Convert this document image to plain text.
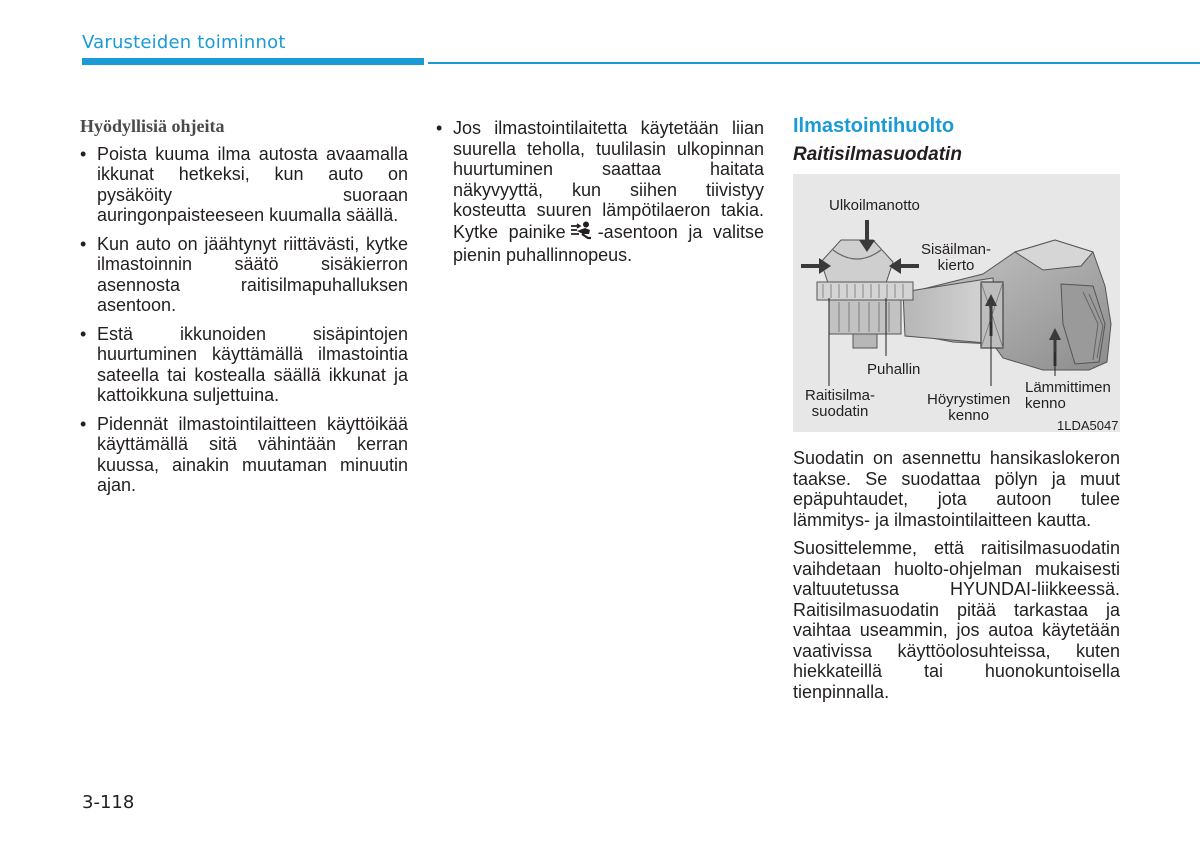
Varusteiden toiminnot
Hyödyllisiä ohjeita
• Poista kuuma ilma autosta avaamalla ikkunat hetkeksi, kun auto on pysäköity suoraan auringonpaisteeseen kuumalla säällä.
• Kun auto on jäähtynyt riittävästi, kytke ilmastoinnin säätö sisäkierron asennosta raitisilmapuhalluksen asentoon.
• Estä ikkunoiden sisäpintojen huurtuminen käyttämällä ilmastointia sateella tai kostealla säällä ikkunat ja kattoikkuna suljettuina.
• Pidennät ilmastointilaitteen käyttöikää käyttämällä sitä vähintään kerran kuussa, ainakin muutaman minuutin ajan.
• Jos ilmastointilaitetta käytetään liian suurella teholla, tuulilasin ulkopinnan huurtuminen saattaa haitata näkyvyyttä, kun siihen tiivistyy kosteutta suuren lämpötilaeron takia. Kytke painike -asentoon ja valitse pienin puhallinnopeus.
Ilmastointihuolto
Raitisilmasuodatin
Ulkoilmanotto
Sisäilman-
kierto
Puhallin
Raitisilma-
suodatin
Höyrystimen
kenno
Lämmittimen
kenno
1LDA5047

Suodatin on asennettu hansikaslokeron taakse. Se suodattaa pölyn ja muut epäpuhtaudet, jota autoon tulee lämmitys- ja ilmastointilaitteen kautta.

Suosittelemme, että raitisilmasuodatin vaihdetaan huolto-ohjelman mukaisesti valtuutetussa HYUNDAI-liikkeessä. Raitisilmasuodatin pitää tarkastaa ja vaihtaa useammin, jos autoa käytetään vaativissa käyttöolosuhteissa, kuten hiekkateillä tai huonokuntoisella tienpinnalla.

3-118
